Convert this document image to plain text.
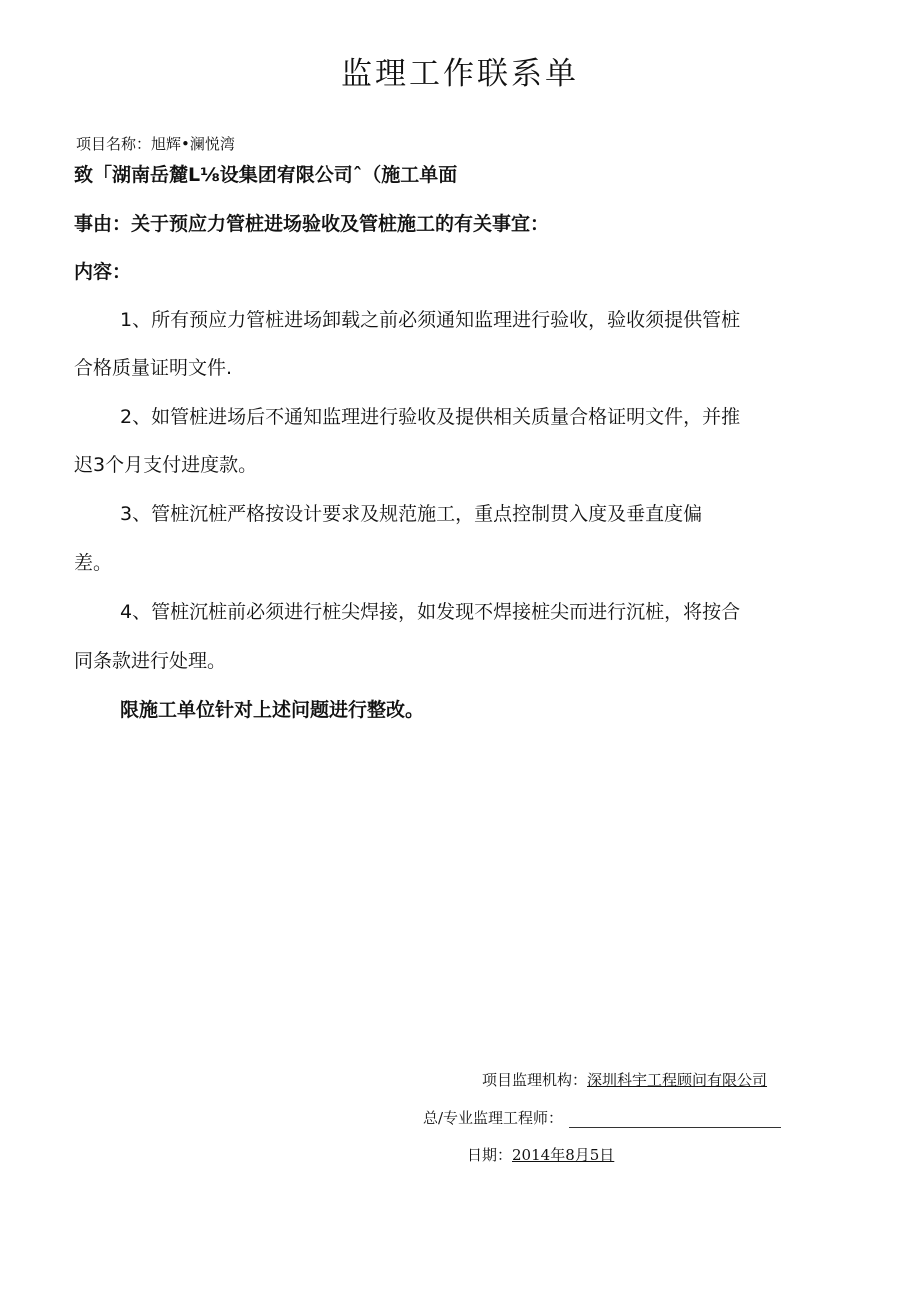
监理工作联系单
项目名称：旭辉•澜悦湾
致「湖南岳麓L⅛设集团宥限公司ˆ（施工单面
事由：关于预应力管桩进场验收及管桩施工的有关事宜：
内容：
1、所有预应力管桩进场卸载之前必须通知监理进行验收，验收须提供管桩
合格质量证明文件.
2、如管桩进场后不通知监理进行验收及提供相关质量合格证明文件，并推
迟3个月支付进度款。
3、管桩沉桩严格按设计要求及规范施工，重点控制贯入度及垂直度偏
差。
4、管桩沉桩前必须进行桩尖焊接，如发现不焊接桩尖而进行沉桩，将按合
同条款进行处理。
限施工单位针对上述问题进行整改。
项目监理机构：深圳科宇工程顾问有限公司
总/专业监理工程师：
日期：2014年8月5日
